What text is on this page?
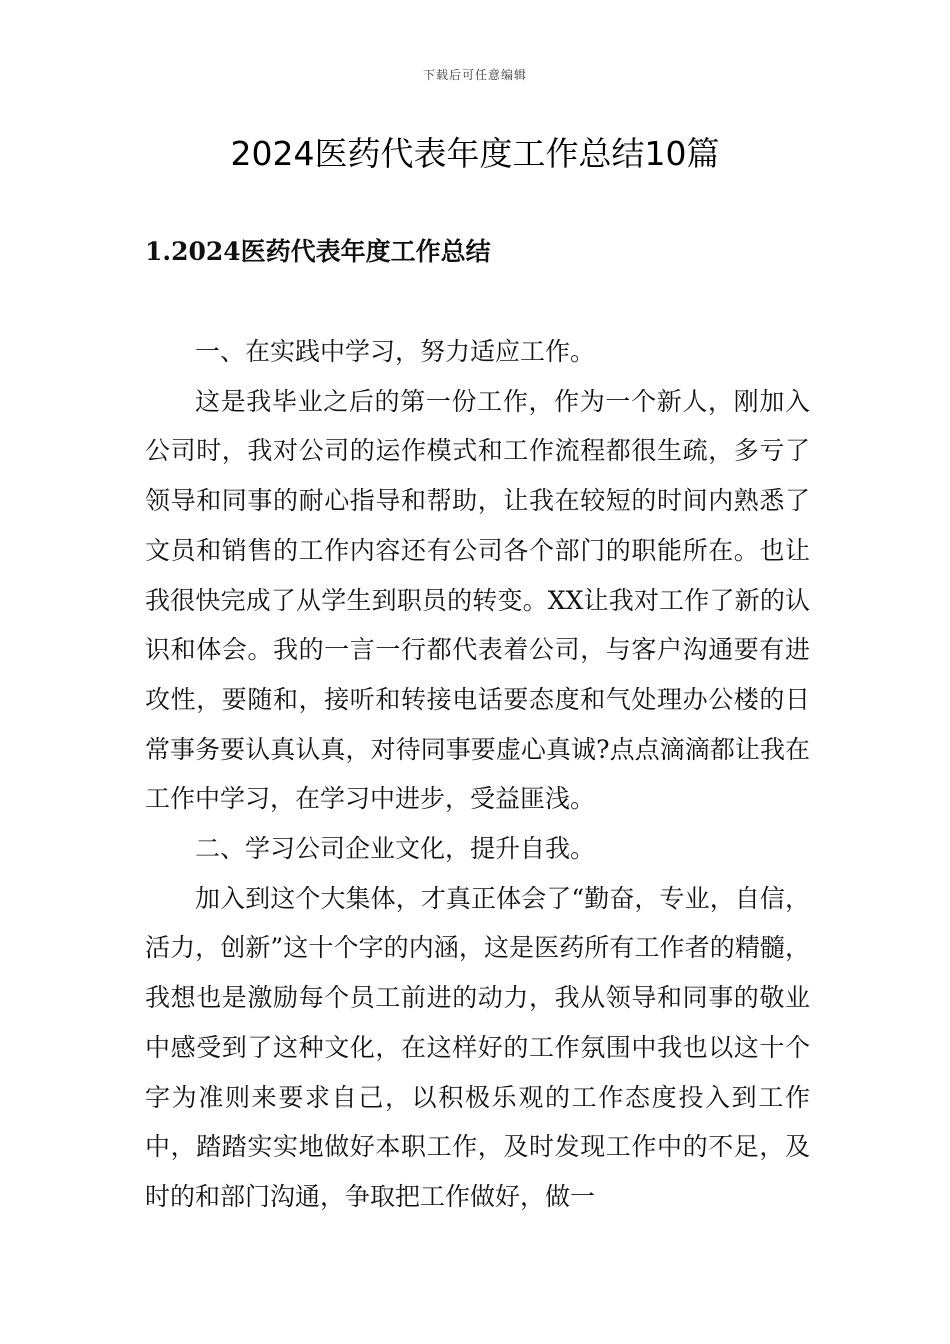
下载后可任意编辑
2024医药代表年度工作总结10篇
1.2024医药代表年度工作总结

一、在实践中学习，努力适应工作。

这是我毕业之后的第一份工作，作为一个新人，刚加入公司时，我对公司的运作模式和工作流程都很生疏，多亏了领导和同事的耐心指导和帮助，让我在较短的时间内熟悉了文员和销售的工作内容还有公司各个部门的职能所在。也让我很快完成了从学生到职员的转变。XX让我对工作了新的认识和体会。我的一言一行都代表着公司，与客户沟通要有进攻性，要随和，接听和转接电话要态度和气处理办公楼的日常事务要认真认真，对待同事要虚心真诚?点点滴滴都让我在工作中学习，在学习中进步，受益匪浅。

二、学习公司企业文化，提升自我。

加入到这个大集体，才真正体会了“勤奋，专业，自信，活力，创新”这十个字的内涵，这是医药所有工作者的精髓，我想也是激励每个员工前进的动力，我从领导和同事的敬业中感受到了这种文化，在这样好的工作氛围中我也以这十个字为准则来要求自己，以积极乐观的工作态度投入到工作中，踏踏实实地做好本职工作，及时发现工作中的不足，及时的和部门沟通，争取把工作做好，做一
